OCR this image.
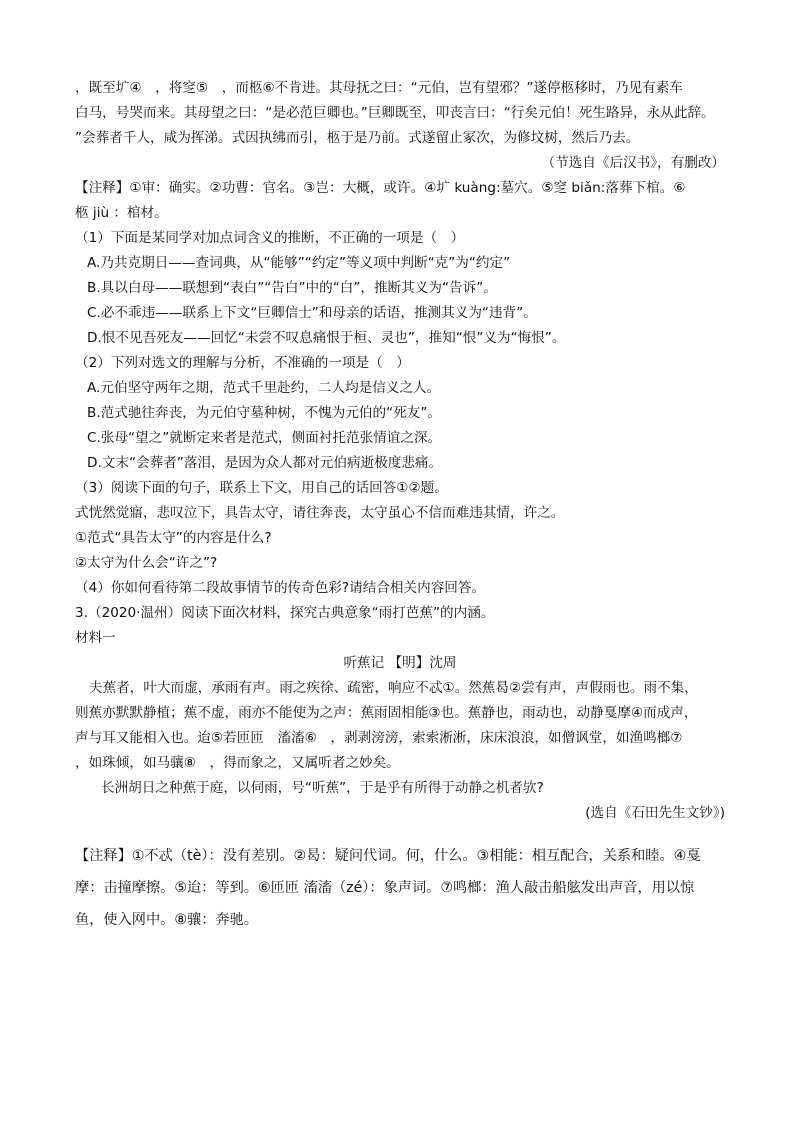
，既至圹④　，将窆⑤　，而柩⑥不肯进。其母抚之曰：“元伯，岂有望邪？”遂停柩移时，乃见有素车
白马，号哭而来。其母望之曰：“是必范巨卿也。”巨卿既至，叩丧言曰：“行矣元伯！死生路异，永从此辞。
”会葬者千人，咸为挥涕。式因执绋而引，柩于是乃前。式遂留止冢次，为修坟树，然后乃去。
（节选自《后汉书》，有删改）
【注释】①审：确实。②功曹：官名。③岂：大概，或许。④圹 kuàng:墓穴。⑤窆 biǎn:落葬下棺。⑥
柩 jiù ：棺材。
（1）下面是某同学对加点词含义的推断，不正确的一项是（　）
A.乃共克期日——查词典，从“能够”“约定”等义项中判断“克”为“约定”
B.具以白母——联想到“表白”“告白”中的“白”，推断其义为“告诉”。
C.必不乖违——联系上下文“巨卿信士”和母亲的话语，推测其义为“违背”。
D.恨不见吾死友——回忆“未尝不叹息痛恨于桓、灵也”，推知“恨”义为“悔恨”。
（2）下列对选文的理解与分析，不准确的一项是（　）
A.元伯坚守两年之期，范式千里赴约，二人均是信义之人。
B.范式驰往奔丧，为元伯守墓种树，不愧为元伯的“死友”。
C.张母“望之”就断定来者是范式，侧面衬托范张情谊之深。
D.文末“会葬者”落泪，是因为众人都对元伯病逝极度悲痛。
（3）阅读下面的句子，联系上下文，用自己的话回答①②题。
式恍然觉寤，悲叹泣下，具告太守，请往奔丧，太守虽心不信而难违其情，许之。
①范式“具告太守”的内容是什么?
②太守为什么会“许之”?
（4）你如何看待第二段故事情节的传奇色彩?请结合相关内容回答。
3.（2020·温州）阅读下面次材料，探究古典意象“雨打芭蕉”的内涵。
材料一
听蕉记 【明】沈周
夫蕉者，叶大而虚，承雨有声。雨之疾徐、疏密，响应不忒①。然蕉曷②尝有声，声假雨也。雨不集，
则蕉亦默默静植；蕉不虚，雨亦不能使为之声：蕉雨固相能③也。蕉静也，雨动也，动静戛摩④而成声，
声与耳又能相入也。迨⑤若匝匝　滀滀⑥　，剥剥滂滂，索索淅淅，床床浪浪，如僧讽堂，如渔鸣榔⑦
，如珠倾，如马骧⑧　，得而象之，又属听者之妙矣。
长洲胡日之种蕉于庭，以伺雨，号“听蕉”，于是乎有所得于动静之机者欤?
(选自《石田先生文钞》)
【注释】①不忒（tè）：没有差别。②曷：疑问代词。何，什么。③相能：相互配合，关系和睦。④戛
摩：击撞摩擦。⑤迨：等到。⑥匝匝 滀滀（zé）：象声词。⑦鸣榔：渔人敲击船舷发出声音，用以惊
鱼，使入网中。⑧骧：奔驰。
